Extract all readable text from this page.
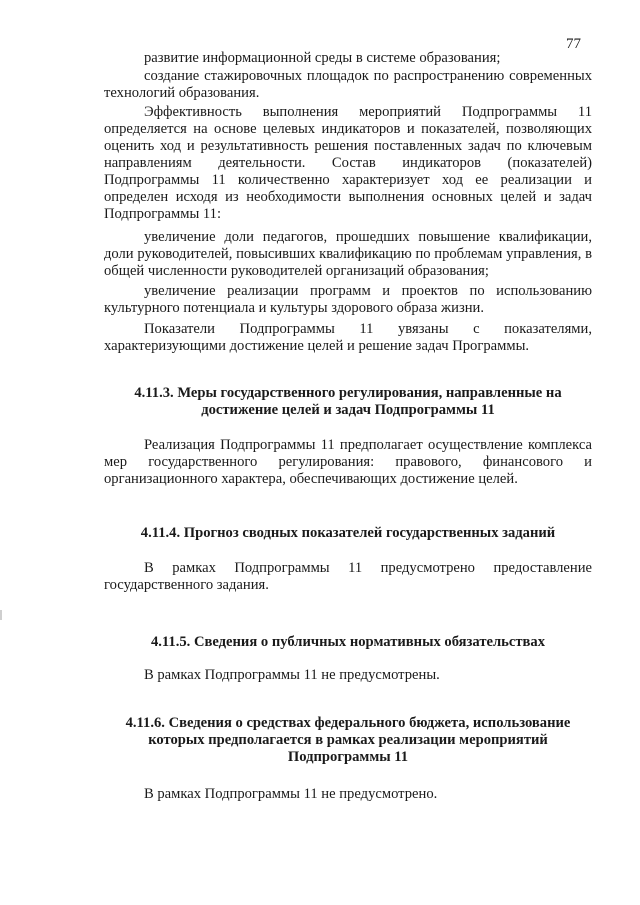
77

развитие информационной среды в системе образования;

создание стажировочных площадок по распространению современных технологий образования.

Эффективность выполнения мероприятий Подпрограммы 11 определяется на основе целевых индикаторов и показателей, позволяющих оценить ход и результативность решения поставленных задач по ключевым направлениям деятельности. Состав индикаторов (показателей) Подпрограммы 11 количественно характеризует ход ее реализации и определен исходя из необходимости выполнения основных целей и задач Подпрограммы 11:

увеличение доли педагогов, прошедших повышение квалификации, доли руководителей, повысивших квалификацию по проблемам управления, в общей численности руководителей организаций образования;

увеличение реализации программ и проектов по использованию культурного потенциала и культуры здорового образа жизни.

Показатели Подпрограммы 11 увязаны с показателями, характеризующими достижение целей и решение задач Программы.

4.11.3. Меры государственного регулирования, направленные на достижение целей и задач Подпрограммы 11

Реализация Подпрограммы 11 предполагает осуществление комплекса мер государственного регулирования: правового, финансового и организационного характера, обеспечивающих достижение целей.

4.11.4. Прогноз сводных показателей государственных заданий

В рамках Подпрограммы 11 предусмотрено предоставление государственного задания.

4.11.5. Сведения о публичных нормативных обязательствах

В рамках Подпрограммы 11 не предусмотрены.

4.11.6. Сведения о средствах федерального бюджета, использование которых предполагается в рамках реализации мероприятий Подпрограммы 11

В рамках Подпрограммы 11 не предусмотрено.
